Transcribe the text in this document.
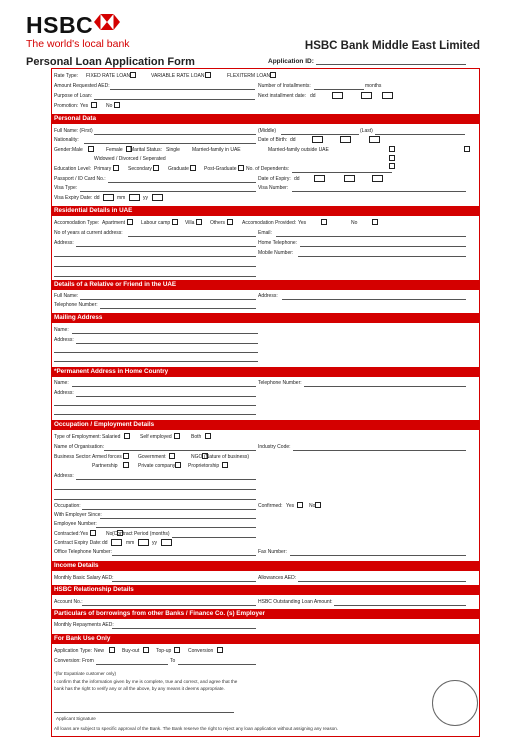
HSBC
The world's local bank	HSBC Bank Middle East Limited
Personal Loan Application Form	Application ID:
Rate Type: FIXED RATE LOAN	VARIABLE RATE LOAN	FLEXITERM LOAN
Amount Requested AED:	Number of Installments:	months
Purpose of Loan:	Next installment date: dd
Promotion: Yes	No
Personal Data
Full Name: (First)	(Middle)	(Last)
Nationality:	Date of Birth: dd
Gender: Male	Female Marital Status: Single Married-family in UAE	Married-family outside UAE
Widowed / Divorced / Seperated
Education Level: Primary	Secondary	Graduate	Post-Graduate No. of Dependents:
Passport / ID Card No.:	Date of Expiry: dd
Visa Type:	Visa Number:
Visa Expiry Date: dd	mm	yy
Residential Details in UAE
Accomodation Type: Apartment	Labour camp	Villa	Others	Accomodation Provided: Yes	No
No of years at current address:	Email:
Address:	Home Telephone:
Mobile Number:
Details of a Relative or Friend in the UAE
Full Name:	Address:
Telephone Number:
Mailing Address
Name:
Address:
*Permanent Address in Home Country
Name:	Telephone Number:
Address:
Occupation / Employment Details
Type of Employment: Salaried	Self employed	Both
Name of Organisation:	Industry Code:
Business Sector: Armed forces	Government	NGO (Nature of business)
Partnership	Private company	Proprietorship
Address:
Occupation:	Confirmed: Yes	No
With Employer Since:
Employee Number:
Contracted: Yes	No (Contract Period (months)
Contract Expiry Date: dd	mm	yy
Office Telephone Number:	Fax Number:
Income Details
Monthly Basic Salary AED:	Allowances AED:
HSBC Relationship Details
Account No.:	HSBC Outstanding Loan Amount:
Particulars of borrowings from other Banks / Finance Co. (s) Employer
Monthly Repayments AED:
For Bank Use Only
Application Type: New	Buy-out	Top-up	Conversion
Conversion: From	To
*(for Expatriate customer only)
I confirm that the information given by me is complete, true and correct, and agree that the
bank has the right to verify any or all the above, by any means it deems appropriate.
Applicant Signature
All loans are subject to specific approval of the Bank. The Bank reserve the right to reject any loan application without assigning any reason.
